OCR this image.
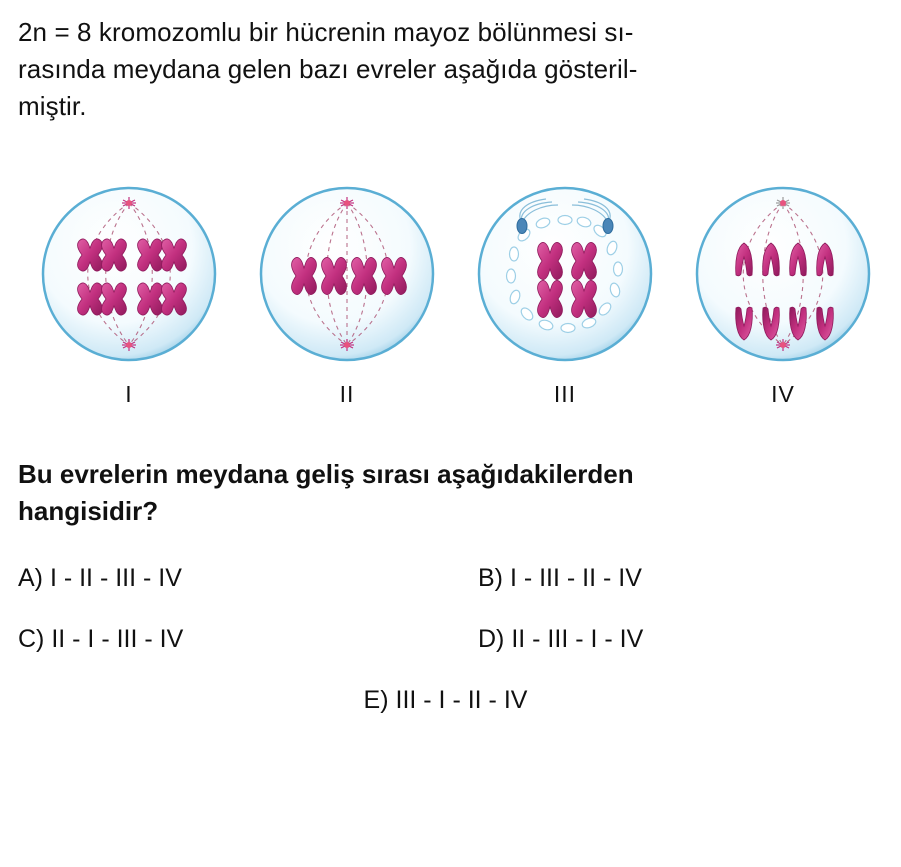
2n = 8 kromozomlu bir hücrenin mayoz bölünmesi sı-

rasında meydana gelen bazı evreler aşağıda gösteril-

miştir.

I	II	III	IV

Bu evrelerin meydana geliş sırası aşağıdakilerden

hangisidir?

A) I - II - III - IV	B) I - III - II - IV
C) II - I - III - IV	D) II - III - I - IV
E) III - I - II - IV
